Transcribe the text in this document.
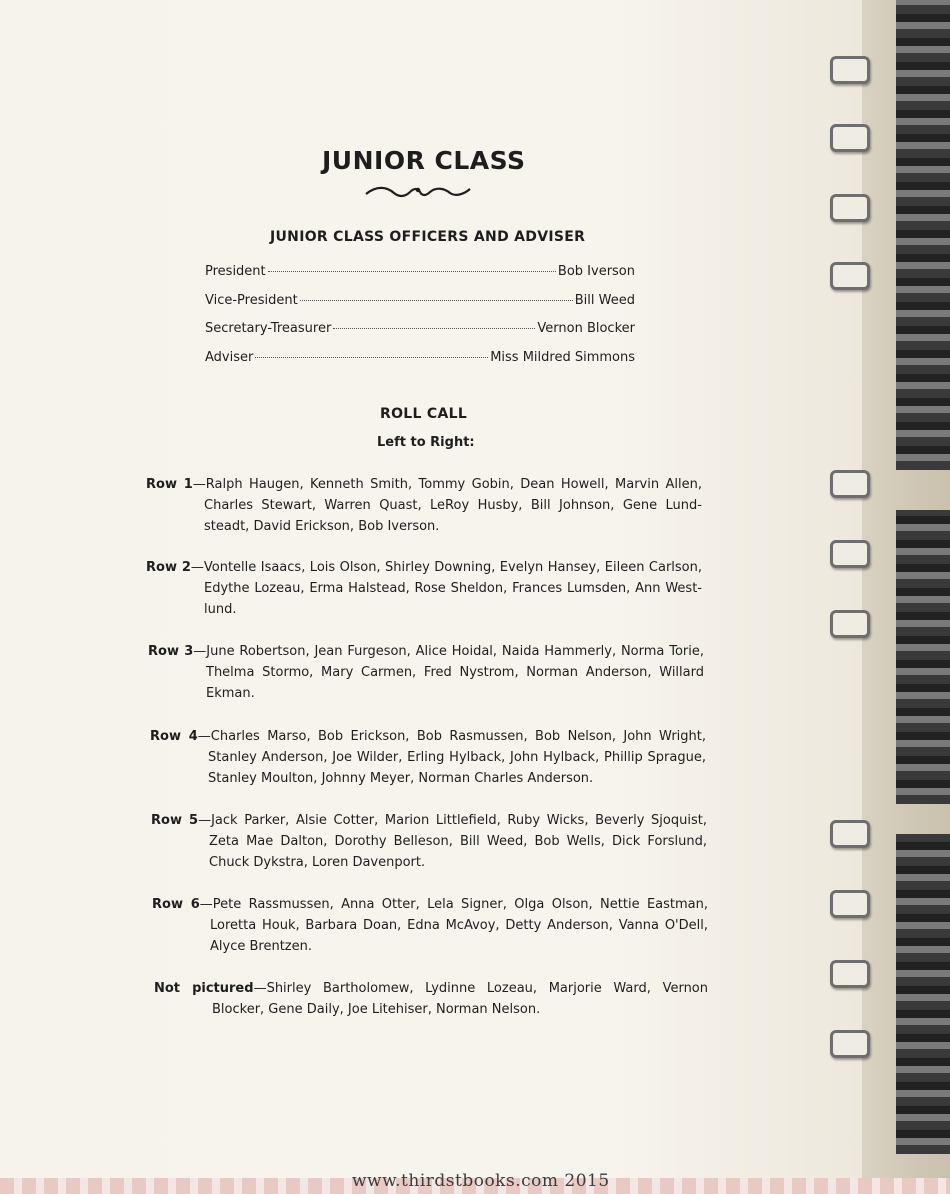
JUNIOR CLASS
JUNIOR CLASS OFFICERS AND ADVISER
President	Bob Iverson
Vice-President	Bill Weed
Secretary-Treasurer	Vernon Blocker
Adviser	Miss Mildred Simmons
ROLL CALL
Left to Right:

Row 1—Ralph Haugen, Kenneth Smith, Tommy Gobin, Dean Howell, Marvin Allen, Charles Stewart, Warren Quast, LeRoy Husby, Bill Johnson, Gene Lundsteadt, David Erickson, Bob Iverson.

Row 2—Vontelle Isaacs, Lois Olson, Shirley Downing, Evelyn Hansey, Eileen Carlson, Edythe Lozeau, Erma Halstead, Rose Sheldon, Frances Lumsden, Ann Westlund.

Row 3—June Robertson, Jean Furgeson, Alice Hoidal, Naida Hammerly, Norma Torie, Thelma Stormo, Mary Carmen, Fred Nystrom, Norman Anderson, Willard Ekman.

Row 4—Charles Marso, Bob Erickson, Bob Rasmussen, Bob Nelson, John Wright, Stanley Anderson, Joe Wilder, Erling Hylback, John Hylback, Phillip Sprague, Stanley Moulton, Johnny Meyer, Norman Charles Anderson.

Row 5—Jack Parker, Alsie Cotter, Marion Littlefield, Ruby Wicks, Beverly Sjoquist, Zeta Mae Dalton, Dorothy Belleson, Bill Weed, Bob Wells, Dick Forslund, Chuck Dykstra, Loren Davenport.

Row 6—Pete Rassmussen, Anna Otter, Lela Signer, Olga Olson, Nettie Eastman, Loretta Houk, Barbara Doan, Edna McAvoy, Detty Anderson, Vanna O'Dell, Alyce Brentzen.

Not pictured—Shirley Bartholomew, Lydinne Lozeau, Marjorie Ward, Vernon Blocker, Gene Daily, Joe Litehiser, Norman Nelson.

www.thirdstbooks.com 2015
